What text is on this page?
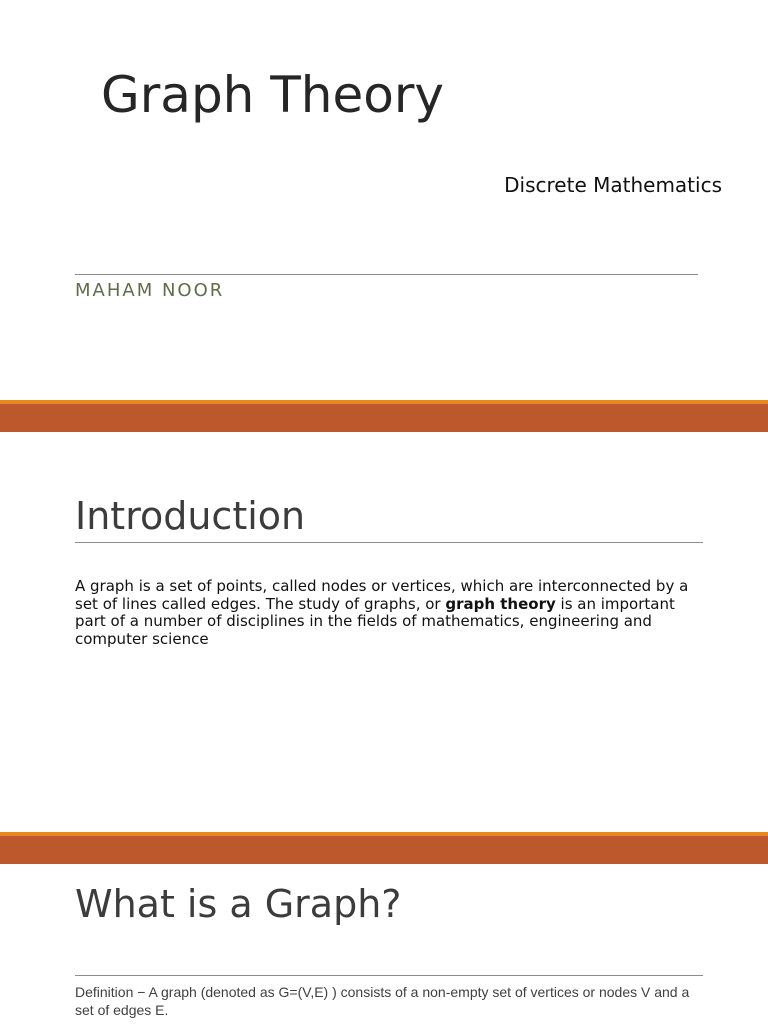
Graph Theory
Discrete Mathematics
MAHAM NOOR
Introduction

A graph is a set of points, called nodes or vertices, which are interconnected by a set of lines called edges. The study of graphs, or graph theory is an important part of a number of disciplines in the fields of mathematics, engineering and computer science

What is a Graph?

Definition − A graph (denoted as G=(V,E) ) consists of a non-empty set of vertices or nodes V and a set of edges E.
